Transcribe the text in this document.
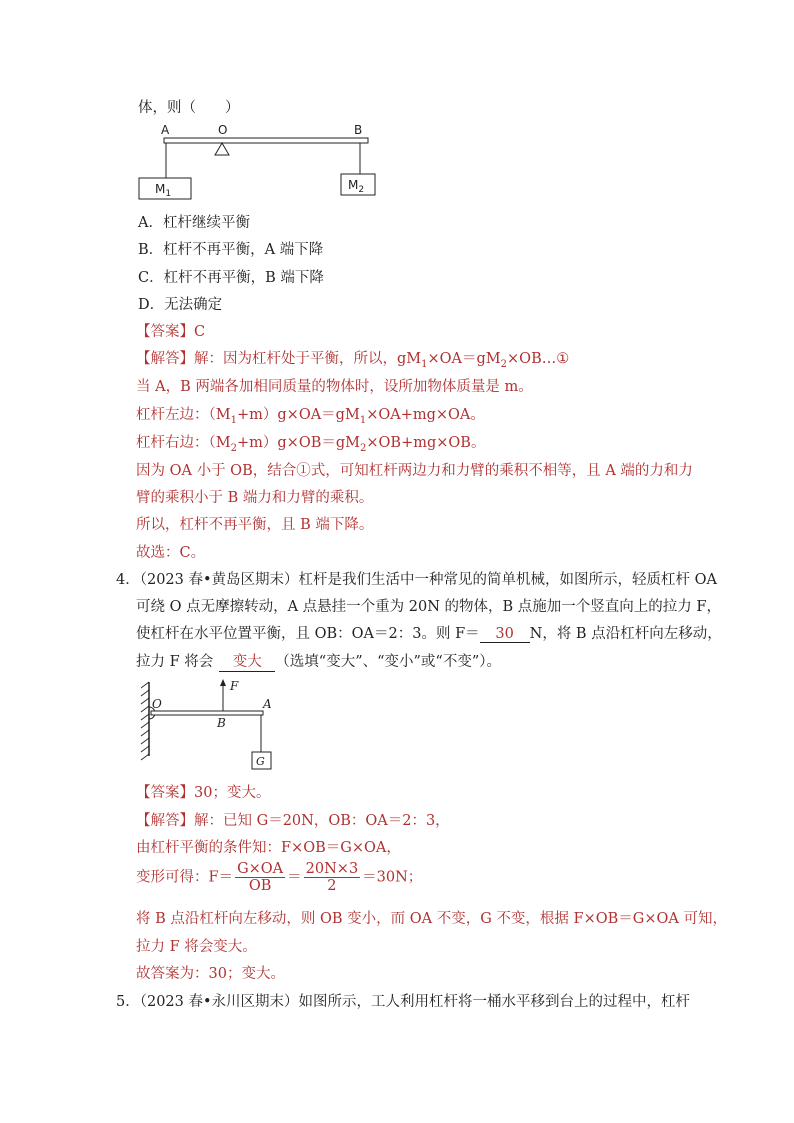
体，则（　　）
A	O	B
$M_1$
$M_2$
A．杠杆继续平衡
B．杠杆不再平衡，A 端下降
C．杠杆不再平衡，B 端下降
D．无法确定
【答案】C
【解答】解：因为杠杆处于平衡，所以，$gM_1\times OA=gM_2\times OB\dots ①$
当 A，B 两端各加相同质量的物体时，设所加物体质量是 m。
杠杆左边：$(M_1+m)g\times OA=gM_1\times OA+mg\times OA$。
杠杆右边：$(M_2+m)g\times OB=gM_2\times OB+mg\times OB$。
因为 OA 小于 OB，结合①式，可知杠杆两边力和力臂的乘积不相等，且 A 端的力和力
臂的乘积小于 B 端力和力臂的乘积。
所以，杠杆不再平衡，且 B 端下降。
故选：C。
4．（2023 春•黄岛区期末）杠杆是我们生活中一种常见的简单机械，如图所示，轻质杠杆 OA
可绕 O 点无摩擦转动，A 点悬挂一个重为 20N 的物体，B 点施加一个竖直向上的拉力 F，
使杠杆在水平位置平衡，且 OB：OA＝2：3。则 F＝ 30 N，将 B 点沿杠杆向左移动，
拉力 F 将会 变大 （选填“变大”、“变小”或“不变”）。
F
O
B
A
G
【答案】30；变大。
【解答】解：已知 G＝20N，OB：OA＝2：3，
由杠杆平衡的条件知：F×OB＝G×OA，
变形可得：$F= \frac{G\times OA}{OB} = \frac{20N\times 3}{2} =30N$；
将 B 点沿杠杆向左移动，则 OB 变小，而 OA 不变，G 不变，根据 F×OB＝G×OA 可知，
拉力 F 将会变大。
故答案为：30；变大。
5．（2023 春•永川区期末）如图所示，工人利用杠杆将一桶水平移到台上的过程中，杠杆
